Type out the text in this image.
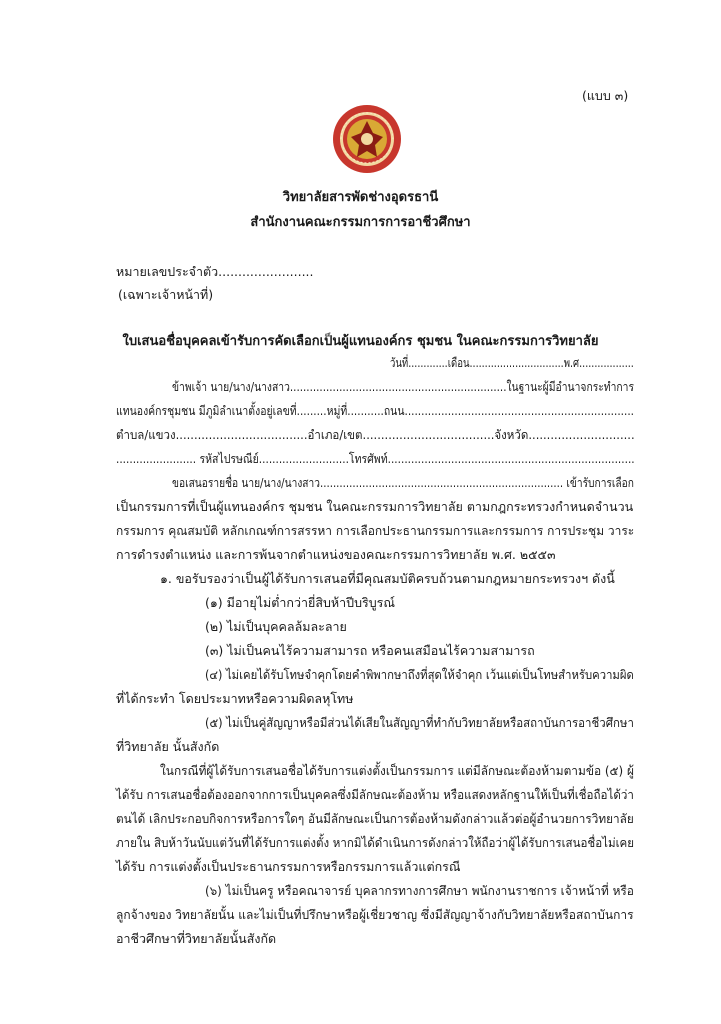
(แบบ ๓)
วิทยาลัยสารพัดช่างอุดรธานี
สำนักงานคณะกรรมการการอาชีวศึกษา
หมายเลขประจำตัว........................
(เฉพาะเจ้าหน้าที่)
ใบเสนอชื่อบุคคลเข้ารับการคัดเลือกเป็นผู้แทนองค์กร ชุมชน ในคณะกรรมการวิทยาลัย
วันที่.............เดือน...............................พ.ศ..................
ข้าพเจ้า นาย/นาง/นางสาว..................................................................ในฐานะผู้มีอำนาจกระทำการ
แทนองค์กรชุมชน มีภูมิลำเนาตั้งอยู่เลขที่.........หมู่ที่...........ถนน.....................................................................
ตำบล/แขวง....................................อำเภอ/เขต....................................จังหวัด.............................
........................ รหัสไปรษณีย์...........................โทรศัพท์..........................................................................
ขอเสนอรายชื่อ นาย/นาง/นางสาว........................................................................... เข้ารับการเลือก
เป็นกรรมการที่เป็นผู้แทนองค์กร ชุมชน ในคณะกรรมการวิทยาลัย ตามกฎกระทรวงกำหนดจำนวน
กรรมการ คุณสมบัติ หลักเกณฑ์การสรรหา การเลือกประธานกรรมการและกรรมการ การประชุม วาระ
การดำรงตำแหน่ง และการพ้นจากตำแหน่งของคณะกรรมการวิทยาลัย พ.ศ. ๒๕๕๓
๑. ขอรับรองว่าเป็นผู้ได้รับการเสนอที่มีคุณสมบัติครบถ้วนตามกฎหมายกระทรวงฯ ดังนี้
(๑) มีอายุไม่ต่ำกว่ายี่สิบห้าปีบริบูรณ์
(๒) ไม่เป็นบุคคลล้มละลาย
(๓) ไม่เป็นคนไร้ความสามารถ หรือคนเสมือนไร้ความสามารถ
(๔) ไม่เคยได้รับโทษจำคุกโดยคำพิพากษาถึงที่สุดให้จำคุก เว้นแต่เป็นโทษสำหรับความผิด
ที่ได้กระทำ โดยประมาทหรือความผิดลหุโทษ
(๕) ไม่เป็นคู่สัญญาหรือมีส่วนได้เสียในสัญญาที่ทำกับวิทยาลัยหรือสถาบันการอาชีวศึกษา
ที่วิทยาลัย นั้นสังกัด
ในกรณีที่ผู้ได้รับการเสนอชื่อได้รับการแต่งตั้งเป็นกรรมการ แต่มีลักษณะต้องห้ามตามข้อ (๕) ผู้
ได้รับ การเสนอชื่อต้องออกจากการเป็นบุคคลซึ่งมีลักษณะต้องห้าม หรือแสดงหลักฐานให้เป็นที่เชื่อถือได้ว่า
ตนได้ เลิกประกอบกิจการหรือการใดๆ อันมีลักษณะเป็นการต้องห้ามดังกล่าวแล้วต่อผู้อำนวยการวิทยาลัย
ภายใน สิบห้าวันนับแต่วันที่ได้รับการแต่งตั้ง หากมิได้ดำเนินการดังกล่าวให้ถือว่าผู้ได้รับการเสนอชื่อไม่เคย
ได้รับ การแต่งตั้งเป็นประธานกรรมการหรือกรรมการแล้วแต่กรณี
(๖) ไม่เป็นครู หรือคณาจารย์ บุคลากรทางการศึกษา พนักงานราชการ เจ้าหน้าที่ หรือ
ลูกจ้างของ วิทยาลัยนั้น และไม่เป็นที่ปรึกษาหรือผู้เชี่ยวชาญ ซึ่งมีสัญญาจ้างกับวิทยาลัยหรือสถาบันการ
อาชีวศึกษาที่วิทยาลัยนั้นสังกัด
